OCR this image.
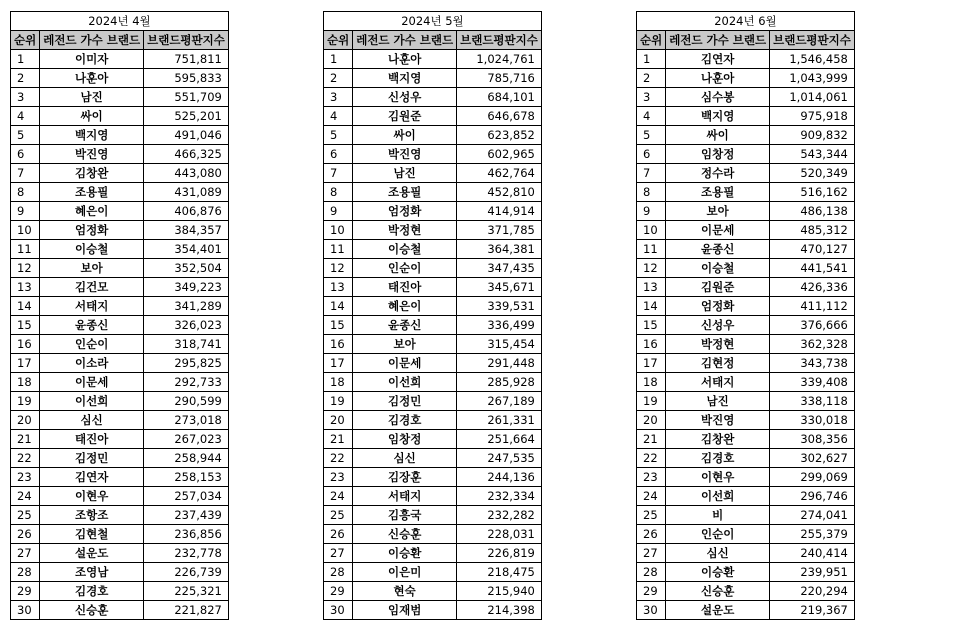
2024년 4월		
순위	레전드 가수 브랜드	브랜드평판지수
1	이미자	751,811
2	나훈아	595,833
3	남진	551,709
4	싸이	525,201
5	백지영	491,046
6	박진영	466,325
7	김창완	443,080
8	조용필	431,089
9	혜은이	406,876
10	엄정화	384,357
11	이승철	354,401
12	보아	352,504
13	김건모	349,223
14	서태지	341,289
15	윤종신	326,023
16	인순이	318,741
17	이소라	295,825
18	이문세	292,733
19	이선희	290,599
20	심신	273,018
21	태진아	267,023
22	김정민	258,944
23	김연자	258,153
24	이현우	257,034
25	조항조	237,439
26	김현철	236,856
27	설운도	232,778
28	조영남	226,739
29	김경호	225,321
30	신승훈	221,827
2024년 5월		
순위	레전드 가수 브랜드	브랜드평판지수
1	나훈아	1,024,761
2	백지영	785,716
3	신성우	684,101
4	김원준	646,678
5	싸이	623,852
6	박진영	602,965
7	남진	462,764
8	조용필	452,810
9	엄정화	414,914
10	박정현	371,785
11	이승철	364,381
12	인순이	347,435
13	태진아	345,671
14	혜은이	339,531
15	윤종신	336,499
16	보아	315,454
17	이문세	291,448
18	이선희	285,928
19	김정민	267,189
20	김경호	261,331
21	임창정	251,664
22	심신	247,535
23	김장훈	244,136
24	서태지	232,334
25	김흥국	232,282
26	신승훈	228,031
27	이승환	226,819
28	이은미	218,475
29	현숙	215,940
30	임재범	214,398
2024년 6월		
순위	레전드 가수 브랜드	브랜드평판지수
1	김연자	1,546,458
2	나훈아	1,043,999
3	심수봉	1,014,061
4	백지영	975,918
5	싸이	909,832
6	임창정	543,344
7	정수라	520,349
8	조용필	516,162
9	보아	486,138
10	이문세	485,312
11	윤종신	470,127
12	이승철	441,541
13	김원준	426,336
14	엄정화	411,112
15	신성우	376,666
16	박정현	362,328
17	김현정	343,738
18	서태지	339,408
19	남진	338,118
20	박진영	330,018
21	김창완	308,356
22	김경호	302,627
23	이현우	299,069
24	이선희	296,746
25	비	274,041
26	인순이	255,379
27	심신	240,414
28	이승환	239,951
29	신승훈	220,294
30	설운도	219,367
